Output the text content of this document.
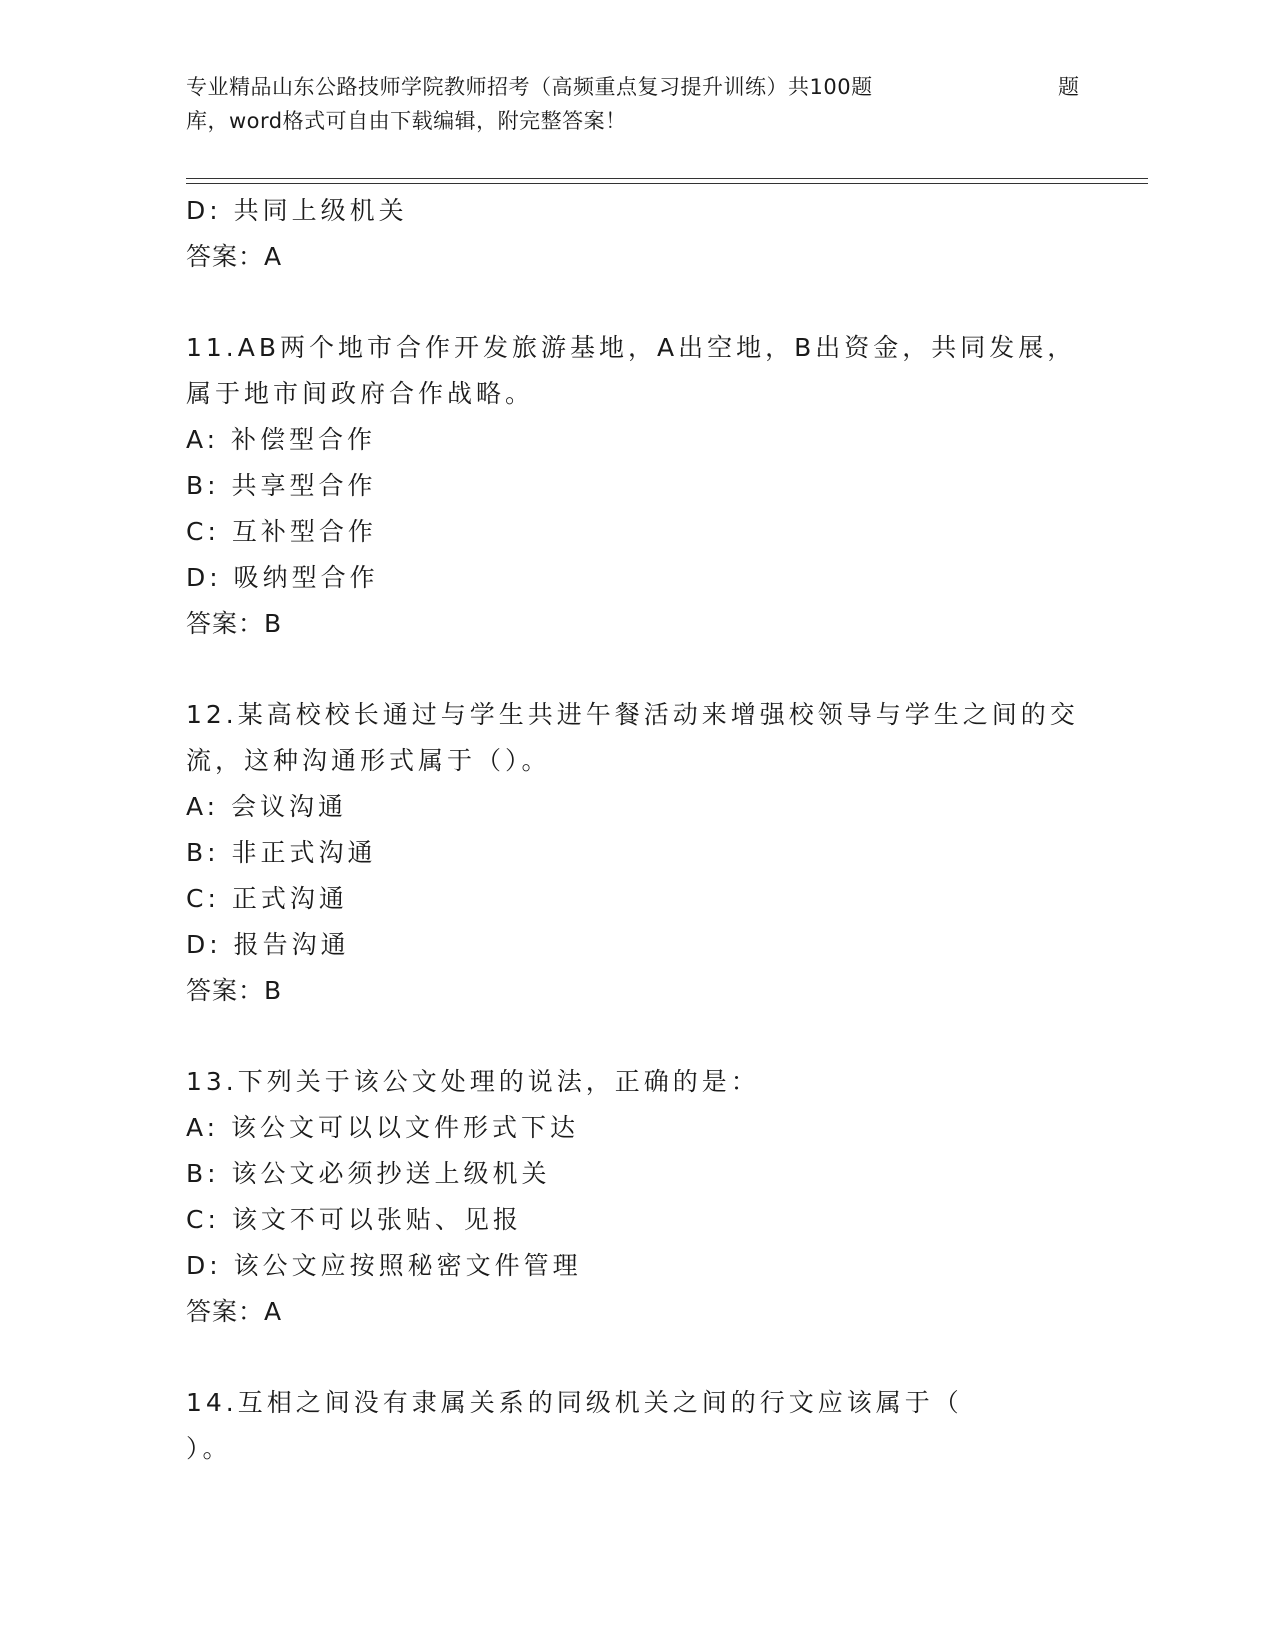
专业精品山东公路技师学院教师招考（高频重点复习提升训练）共100题	题
库，word格式可自由下载编辑，附完整答案！
D: 共同上级机关
答案：A
11.AB两个地市合作开发旅游基地，A出空地，B出资金，共同发展，
属于地市间政府合作战略。
A: 补偿型合作
B: 共享型合作
C: 互补型合作
D: 吸纳型合作
答案：B
12.某高校校长通过与学生共进午餐活动来增强校领导与学生之间的交
流，这种沟通形式属于（）。
A: 会议沟通
B: 非正式沟通
C: 正式沟通
D: 报告沟通
答案：B
13.下列关于该公文处理的说法，正确的是：
A: 该公文可以以文件形式下达
B: 该公文必须抄送上级机关
C: 该文不可以张贴、见报
D: 该公文应按照秘密文件管理
答案：A
14.互相之间没有隶属关系的同级机关之间的行文应该属于（
）。
